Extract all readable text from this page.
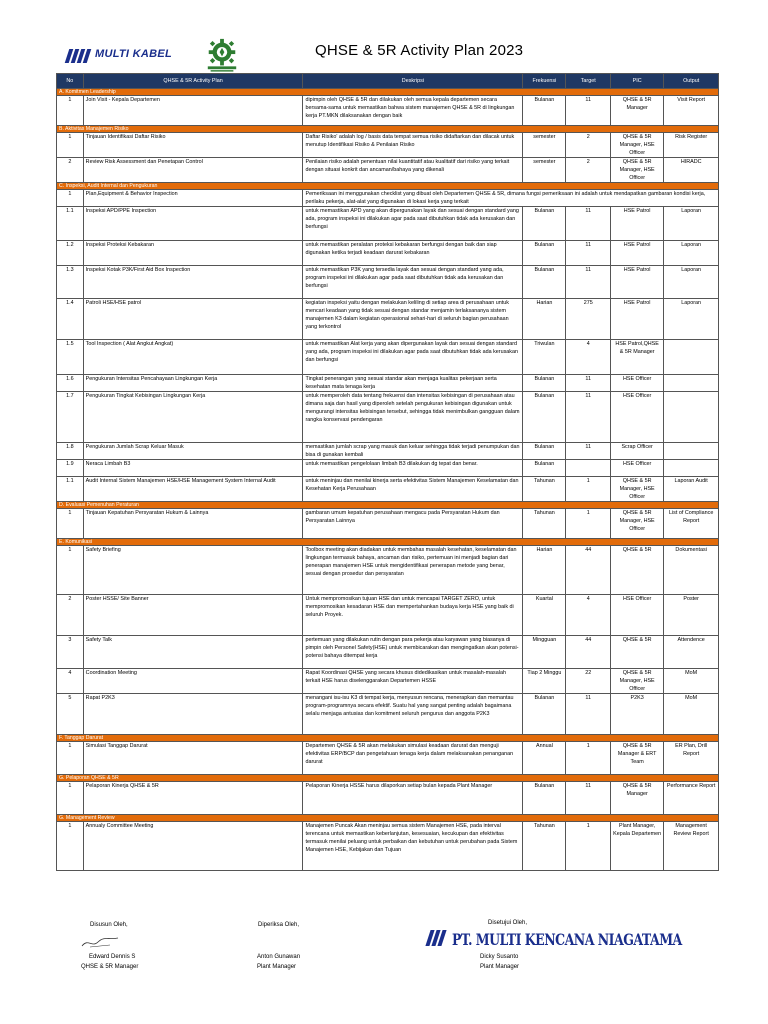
MULTI KABEL	QHSE & 5R Activity Plan 2023
No	QHSE & 5R Activity Plan	Deskripsi	Frekuensi	Target	PIC	Output
A. Komitmen Leadership						
1	Join Visit - Kepala Departemen	dipimpin oleh QHSE & 5R dan dilakukan oleh semua kepala departemen secara bersama-sama untuk memastikan bahwa sistem manajemen QHSE & 5R di lingkungan kerja PT.MKN dilaksanakan dengan baik	Bulanan	11	QHSE & 5R Manager	Visit Report
B. Aktivitas Manajemen Risiko						
1	Tinjauan Identifikasi Daftar Risiko	Daftar Risiko' adalah log / basis data tempat semua risiko didaftarkan dan dilacak untuk menutup Identifikasi Risiko & Penilaian Risiko	semester	2	QHSE & 5R Manager, HSE Officer	Risk Register
2	Review Risk Assessment dan Penetapan Control	Penilaian risiko adalah penentuan nilai kuantitatif atau kualitatif dari risiko yang terkait dengan situasi konkrit dan ancaman/bahaya yang dikenali	semester	2	QHSE & 5R Manager, HSE Officer	HIRADC
C. Inspeksi, Audit Internal dan Pengukuran						
1	Plan,Equipment & Behavior Inspection	Pemeriksaan ini menggunakan checklist yang dibuat oleh Departemen QHSE & 5R, dimana fungsi pemeriksaan ini adalah untuk mendapatkan gambaran kondisi kerja, perilaku pekerja, alat-alat yang digunakan di lokasi kerja yang terkait				
1.1	Inspeksi APD/PPE Inspection	untuk memastikan APD yang akan dipergunakan layak dan sesuai dengan standard yang ada, program inspeksi ini dilakukan agar pada saat dibutuhkan tidak ada kerusakan dan berfungsi	Bulanan	11	HSE Patrol	Laporan
1.2	Inspeksi Proteksi Kebakaran	untuk memastikan peralatan proteksi kebakaran berfungsi dengan baik dan siap digunakan ketika terjadi keadaan darurat kebakaran	Bulanan	11	HSE Patrol	Laporan
1.3	Inspeksi Kotak P3K/First Aid Box Inspection	untuk memastikan P3K yang tersedia layak dan sesuai dengan standard yang ada, program inspeksi ini dilakukan agar pada saat dibutuhkan tidak ada kerusakan dan berfungsi	Bulanan	11	HSE Patrol	Laporan
1.4	Patroli HSE/HSE patrol	kegiatan inspeksi yaitu dengan melakukan keliling di setiap area di perusahaan untuk mencari keadaan yang tidak sesuai dengan standar menjamin terlaksananya sistem manajemen K3 dalam kegiatan operasional sehari-hari di seluruh bagian perusahaan yang terkontrol	Harian	275	HSE Patrol	Laporan
1.5	Tool Inspection ( Alat Angkut Angkat)	untuk memastikan Alat kerja yang akan dipergunakan layak dan sesuai dengan standard yang ada, program inspeksi ini dilakukan agar pada saat dibutuhkan tidak ada kerusakan dan berfungsi	Triwulan	4	HSE Patrol,QHSE & 5R Manager	
1.6	Pengukuran Intensitas Pencahayaan Lingkungan Kerja	Tingkat penerangan yang sesuai standar akan menjaga kualitas pekerjaan serta kesehatan mata tenaga kerja	Bulanan	11	HSE Officer	
1.7	Pengukuran Tingkat Kebisingan Lingkungan Kerja	untuk memperoleh data tentang frekuensi dan intensitas kebisingan di perusahaan atau dimana saja dan hasil yang diperoleh setelah pengukuran kebisingan digunakan untuk mengurangi intensitas kebisingan tersebut, sehingga tidak menimbulkan gangguan dalam rangka konservasi pendengaran	Bulanan	11	HSE Officer	
1.8	Pengukuran Jumlah Scrap Keluar Masuk	memastikan jumlah scrap yang masuk dan keluar sehingga tidak terjadi penumpukan dan bisa di gunakan kembali	Bulanan	11	Scrap Officer	
1.9	Neraca Limbah B3	untuk memastikan pengelolaan limbah B3 dilakukan dg tepat dan benar.	Bulanan		HSE Officer	
1.1	Audit Internal Sistem Manajemen HSE/HSE Management System Internal Audit	untuk meninjau dan menilai kinerja serta efektivitas Sistem Manajemen Keselamatan dan Kesehatan Kerja Perusahaan	Tahunan	1	QHSE & 5R Manager, HSE Officer	Laporan Audit
D. Evaluasi Pemenuhan Peraturan						
1	Tinjauan Kepatuhan Persyaratan Hukum & Lainnya	gambaran umum kepatuhan perusahaan mengacu pada Persyaratan Hukum dan Persyaratan Lainnya	Tahunan	1	QHSE & 5R Manager, HSE Officer	List of Compliance Report
E. Komunikasi						
1	Safety Briefing	Toolbox meeting akan diadakan untuk membahas masalah kesehatan, keselamatan dan lingkungan termasuk bahaya, ancaman dan risiko, pertemuan ini menjadi bagian dari penerapan manajemen HSE untuk mengidentifikasi penerapan metode yang benar, sesuai dengan prosedur dan persyaratan	Harian	44	QHSE & 5R	Dokumentasi
2	Poster HSSE/ Site Banner	Untuk mempromosikan tujuan HSE dan untuk mencapai TARGET ZERO, untuk mempromosikan kesadaran HSE dan mempertahankan budaya kerja HSE yang baik di seluruh Proyek.	Kuartal	4	HSE Officer	Poster
3	Safety Talk	pertemuan yang dilakukan rutin dengan para pekerja atau karyawan yang biasanya di pimpin oleh Personel Safety(HSE) untuk membicarakan dan mengingatkan akan potensi-potensi bahaya ditempat kerja	Mingguan	44	QHSE & 5R	Attendence
4	Coordination Meeting	Rapat Koordinasi QHSE yang secara khusus didedikasikan untuk masalah-masalah terkait HSE harus diselenggarakan Departemen HSSE	Tiap 2 Minggu	22	QHSE & 5R Manager, HSE Officer	MoM
5	Rapat P2K3	menangani isu-isu K3 di tempat kerja, menyusun rencana, menerapkan dan memantau program-programnya secara efektif. Suatu hal yang sangat penting adalah bagaimana selalu menjaga antusias dan komitment seluruh pengurus dan anggota P2K3	Bulanan	11	P2K3	MoM
F. Tanggap Darurat						
1	Simulasi Tanggap Darurat	Departemen QHSE & 5R akan melakukan simulasi keadaan darurat dan menguji efektivitas ERP/BCP dan pengetahuan tenaga kerja dalam melaksanakan penanganan darurat	Annual	1	QHSE & 5R Manager & ERT Team	ER Plan, Drill Report
G. Pelaporan QHSE & 5R						
1	Pelaporan Kinerja QHSE & 5R	Pelaporan Kinerja HSSE harus dilaporkan setiap bulan kepada Plant Manager	Bulanan	11	QHSE & 5R Manager	Performance Report
G. Management Review						
1	Annualy Committee Meeting	Manajemen Puncak Akan meninjau semua sistem Manajemen HSE, pada interval terencana untuk memastikan keberlanjutan, kesesuaian, kecukupan dan efektivitas termasuk menilai peluang untuk perbaikan dan kebutuhan untuk perubahan pada Sistem Manajemen HSE, Kebijakan dan Tujuan	Tahunan	1	Plant Manager, Kepala Departemen	Management Review Report
Disusun Oleh,
Edward Dennis S
QHSE & 5R Manager
Diperiksa Oleh,
Anton Gunawan
Plant Manager
PT. MULTI KENCANA NIAGATAMA
Disetujui Oleh,
Dicky Susanto
Plant Manager
